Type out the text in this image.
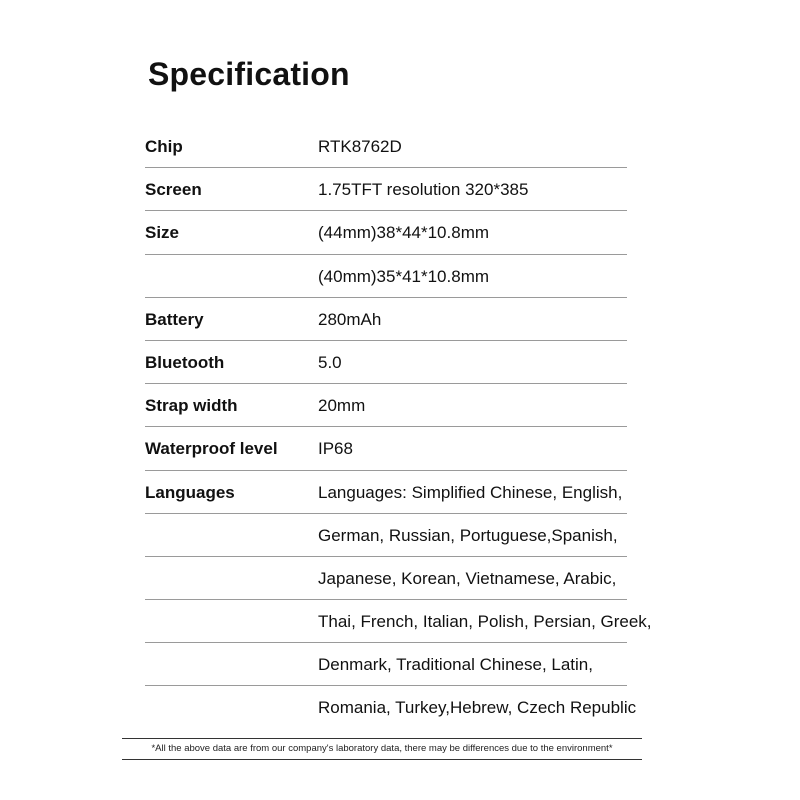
Specification
Chip	RTK8762D
Screen	1.75TFT resolution 320*385
Size	(44mm)38*44*10.8mm
(40mm)35*41*10.8mm
Battery	280mAh
Bluetooth	5.0
Strap width	20mm
Waterproof level IP68
Languages	Languages: Simplified Chinese, English,
German, Russian, Portuguese,Spanish,
Japanese, Korean, Vietnamese, Arabic,
Thai, French, Italian, Polish, Persian, Greek,
Denmark, Traditional Chinese, Latin,
Romania, Turkey,Hebrew, Czech Republic
*All the above data are from our company's laboratory data, there may be differences due to the environment*
